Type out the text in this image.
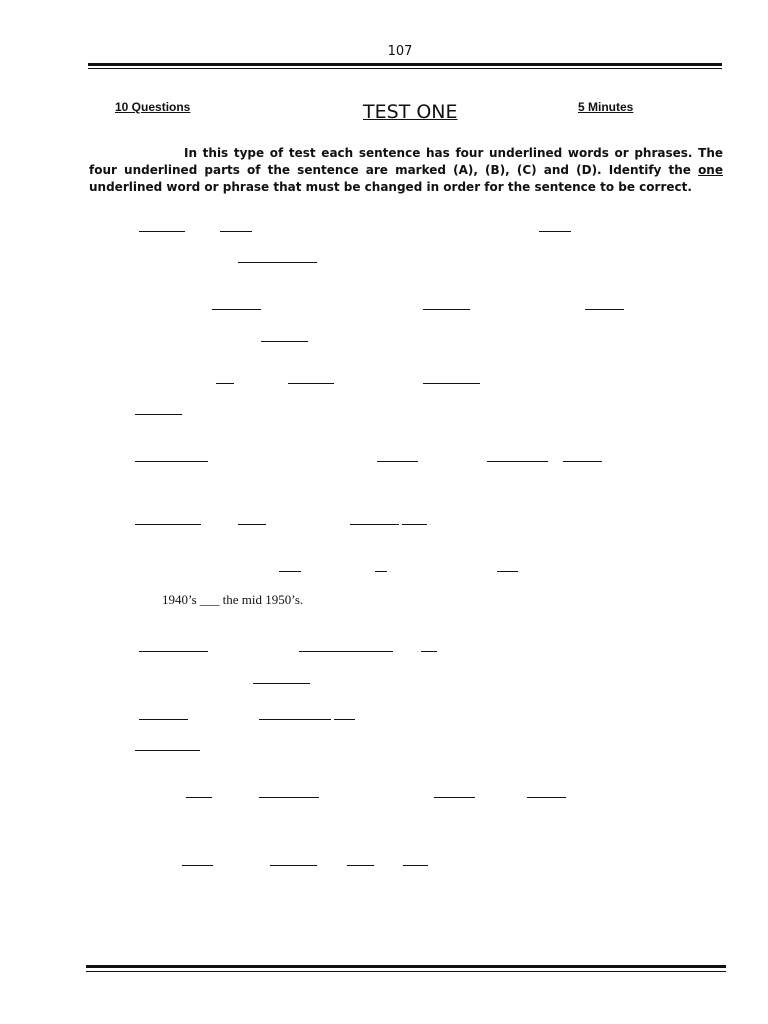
107
10 Questions	TEST ONE	5 Minutes
In this type of test each sentence has four underlined words or phrases. The four underlined parts of the sentence are marked (A), (B), (C) and (D). Identify the one underlined word or phrase that must be changed in order for the sentence to be correct.
1940’s ___ the mid 1950’s.
